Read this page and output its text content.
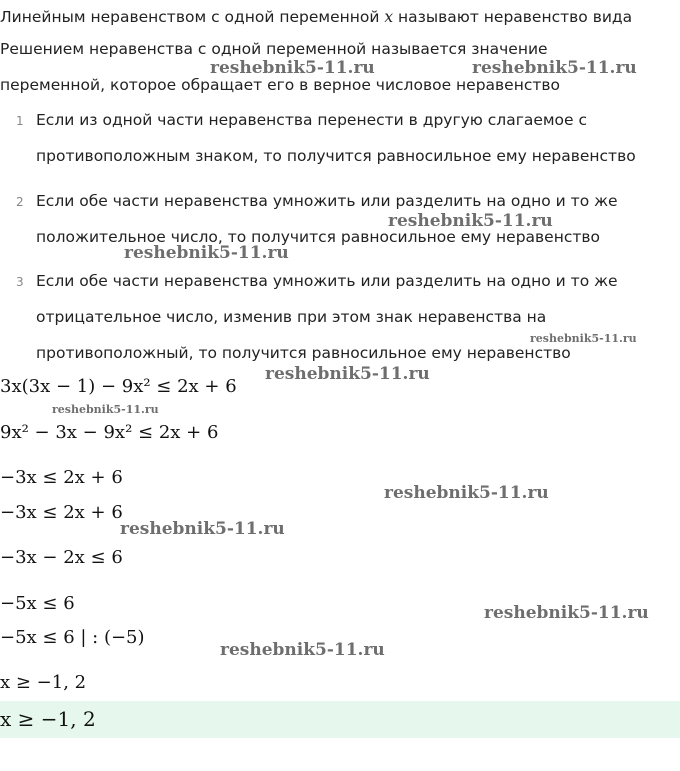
Линейным неравенством с одной переменной x называют неравенство вида
Решением неравенства с одной переменной называется значение
переменной, которое обращает его в верное числовое неравенство
1 Если из одной части неравенства перенести в другую слагаемое с
противоположным знаком, то получится равносильное ему неравенство
2 Если обе части неравенства умножить или разделить на одно и то же
положительное число, то получится равносильное ему неравенство
3 Если обе части неравенства умножить или разделить на одно и то же
отрицательное число, изменив при этом знак неравенства на
противоположный, то получится равносильное ему неравенство
3x(3x − 1) − 9x² ≤ 2x + 6
9x² − 3x − 9x² ≤ 2x + 6
−3x ≤ 2x + 6
−3x ≤ 2x + 6
−3x − 2x ≤ 6
−5x ≤ 6
−5x ≤ 6 | : (−5)
x ≥ −1, 2
x ≥ −1, 2
reshebnik5-11.ru	reshebnik5-11.ru
reshebnik5-11.ru
reshebnik5-11.ru
reshebnik5-11.ru
reshebnik5-11.ru
reshebnik5-11.ru
reshebnik5-11.ru
reshebnik5-11.ru
reshebnik5-11.ru
reshebnik5-11.ru
